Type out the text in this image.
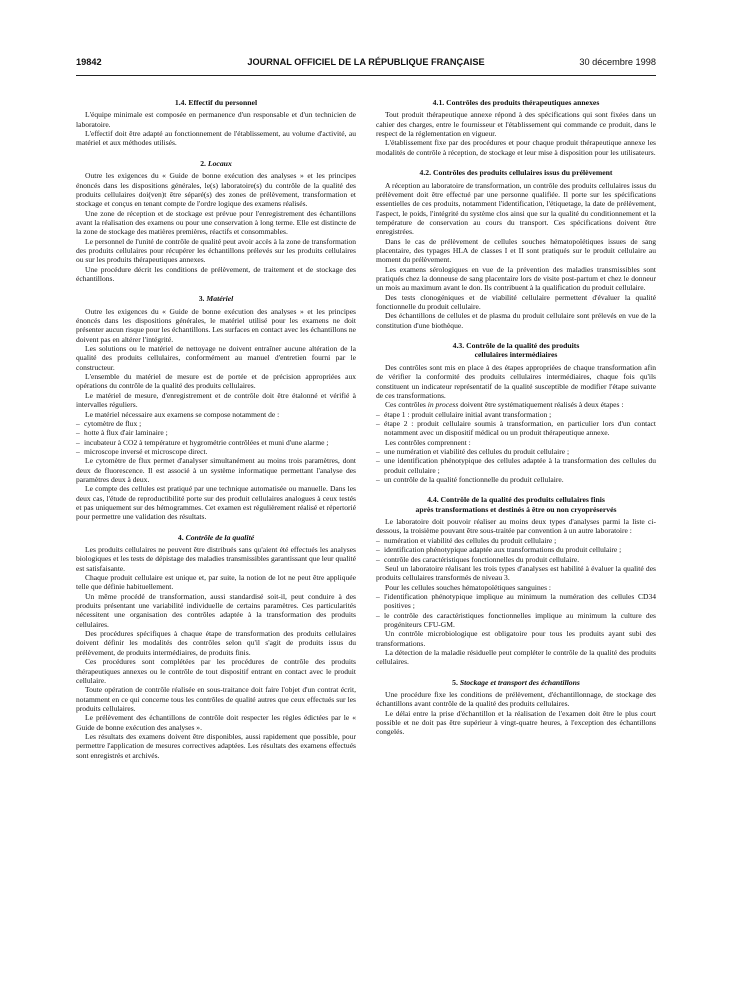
19842	JOURNAL OFFICIEL DE LA RÉPUBLIQUE FRANÇAISE	30 décembre 1998
1.4. Effectif du personnel

L'équipe minimale est composée en permanence d'un responsable et d'un technicien de laboratoire.

L'effectif doit être adapté au fonctionnement de l'établissement, au volume d'activité, au matériel et aux méthodes utilisés.

2. Locaux

Outre les exigences du « Guide de bonne exécution des analyses » et les principes énoncés dans les dispositions générales, le(s) laboratoire(s) du contrôle de la qualité des produits cellulaires doi(ven)t être séparé(s) des zones de prélèvement, transformation et stockage et conçus en tenant compte de l'ordre logique des examens réalisés.

Une zone de réception et de stockage est prévue pour l'enregistrement des échantillons avant la réalisation des examens ou pour une conservation à long terme. Elle est distincte de la zone de stockage des matières premières, réactifs et consommables.

Le personnel de l'unité de contrôle de qualité peut avoir accès à la zone de transformation des produits cellulaires pour récupérer les échantillons prélevés sur les produits cellulaires ou sur les produits thérapeutiques annexes.

Une procédure décrit les conditions de prélèvement, de traitement et de stockage des échantillons.

3. Matériel

Outre les exigences du « Guide de bonne exécution des analyses » et les principes énoncés dans les dispositions générales, le matériel utilisé pour les examens ne doit présenter aucun risque pour les échantillons. Les surfaces en contact avec les échantillons ne doivent pas en altérer l'intégrité.

Les solutions ou le matériel de nettoyage ne doivent entraîner aucune altération de la qualité des produits cellulaires, conformément au manuel d'entretien fourni par le constructeur.

L'ensemble du matériel de mesure est de portée et de précision appropriées aux opérations du contrôle de la qualité des produits cellulaires.

Le matériel de mesure, d'enregistrement et de contrôle doit être étalonné et vérifié à intervalles réguliers.

Le matériel nécessaire aux examens se compose notamment de :

– cytomètre de flux ;

– hotte à flux d'air laminaire ;

– incubateur à CO2 à température et hygrométrie contrôlées et muni d'une alarme ;

– microscope inversé et microscope direct.

Le cytomètre de flux permet d'analyser simultanément au moins trois paramètres, dont deux de fluorescence. Il est associé à un système informatique permettant l'analyse des paramètres deux à deux.

Le compte des cellules est pratiqué par une technique automatisée ou manuelle. Dans les deux cas, l'étude de reproductibilité porte sur des produit cellulaires analogues à ceux testés et pas uniquement sur des hémogrammes. Cet examen est régulièrement réalisé et répertorié pour permettre une validation des résultats.

4. Contrôle de la qualité

Les produits cellulaires ne peuvent être distribués sans qu'aient été effectués les analyses biologiques et les tests de dépistage des maladies transmissibles garantissant que leur qualité est satisfaisante.

Chaque produit cellulaire est unique et, par suite, la notion de lot ne peut être appliquée telle que définie habituellement.

Un même procédé de transformation, aussi standardisé soit-il, peut conduire à des produits présentant une variabilité individuelle de certains paramètres. Ces particularités nécessitent une organisation des contrôles adaptée à la transformation des produits cellulaires.

Des procédures spécifiques à chaque étape de transformation des produits cellulaires doivent définir les modalités des contrôles selon qu'il s'agit de produits issus du prélèvement, de produits intermédiaires, de produits finis.

Ces procédures sont complétées par les procédures de contrôle des produits thérapeutiques annexes ou le contrôle de tout dispositif entrant en contact avec le produit cellulaire.

Toute opération de contrôle réalisée en sous-traitance doit faire l'objet d'un contrat écrit, notamment en ce qui concerne tous les contrôles de qualité autres que ceux effectués sur les produits cellulaires.

Le prélèvement des échantillons de contrôle doit respecter les règles édictées par le « Guide de bonne exécution des analyses ».

Les résultats des examens doivent être disponibles, aussi rapidement que possible, pour permettre l'application de mesures correctives adaptées. Les résultats des examens effectués sont enregistrés et archivés.

4.1. Contrôles des produits thérapeutiques annexes

Tout produit thérapeutique annexe répond à des spécifications qui sont fixées dans un cahier des charges, entre le fournisseur et l'établissement qui commande ce produit, dans le respect de la réglementation en vigueur.

L'établissement fixe par des procédures et pour chaque produit thérapeutique annexe les modalités de contrôle à réception, de stockage et leur mise à disposition pour les utilisateurs.

4.2. Contrôles des produits cellulaires issus du prélèvement

A réception au laboratoire de transformation, un contrôle des produits cellulaires issus du prélèvement doit être effectué par une personne qualifiée. Il porte sur les spécifications essentielles de ces produits, notamment l'identification, l'étiquetage, la date de prélèvement, l'aspect, le poids, l'intégrité du système clos ainsi que sur la qualité du conditionnement et la température de conservation au cours du transport. Ces spécifications doivent être enregistrées.

Dans le cas de prélèvement de cellules souches hématopoïétiques issues de sang placentaire, des typages HLA de classes I et II sont pratiqués sur le produit cellulaire au moment du prélèvement.

Les examens sérologiques en vue de la prévention des maladies transmissibles sont pratiqués chez la donneuse de sang placentaire lors de visite post-partum et chez le donneur un mois au maximum avant le don. Ils contribuent à la qualification du produit cellulaire.

Des tests clonogéniques et de viabilité cellulaire permettent d'évaluer la qualité fonctionnelle du produit cellulaire.

Des échantillons de cellules et de plasma du produit cellulaire sont prélevés en vue de la constitution d'une biothèque.

4.3. Contrôle de la qualité des produits
cellulaires intermédiaires

Des contrôles sont mis en place à des étapes appropriées de chaque transformation afin de vérifier la conformité des produits cellulaires intermédiaires, chaque fois qu'ils constituent un indicateur représentatif de la qualité susceptible de modifier l'étape suivante de ces transformations.

Ces contrôles in process doivent être systématiquement réalisés à deux étapes :

– étape 1 : produit cellulaire initial avant transformation ;

– étape 2 : produit cellulaire soumis à transformation, en particulier lors d'un contact notamment avec un dispositif médical ou un produit thérapeutique annexe.

Les contrôles comprennent :

– une numération et viabilité des cellules du produit cellulaire ;

– une identification phénotypique des cellules adaptée à la transformation des cellules du produit cellulaire ;

– un contrôle de la qualité fonctionnelle du produit cellulaire.

4.4. Contrôle de la qualité des produits cellulaires finis
après transformations et destinés à être ou non cryopréservés

Le laboratoire doit pouvoir réaliser au moins deux types d'analyses parmi la liste ci-dessous, la troisième pouvant être sous-traitée par convention à un autre laboratoire :

– numération et viabilité des cellules du produit cellulaire ;

– identification phénotypique adaptée aux transformations du produit cellulaire ;

– contrôle des caractéristiques fonctionnelles du produit cellulaire.

Seul un laboratoire réalisant les trois types d'analyses est habilité à évaluer la qualité des produits cellulaires transformés de niveau 3.

Pour les cellules souches hématopoïétiques sanguines :

– l'identification phénotypique implique au minimum la numération des cellules CD34 positives ;

– le contrôle des caractéristiques fonctionnelles implique au minimum la culture des progéniteurs CFU-GM.

Un contrôle microbiologique est obligatoire pour tous les produits ayant subi des transformations.

La détection de la maladie résiduelle peut compléter le contrôle de la qualité des produits cellulaires.

5. Stockage et transport des échantillons

Une procédure fixe les conditions de prélèvement, d'échantillonnage, de stockage des échantillons avant contrôle de la qualité des produits cellulaires.

Le délai entre la prise d'échantillon et la réalisation de l'examen doit être le plus court possible et ne doit pas être supérieur à vingt-quatre heures, à l'exception des échantillons congelés.
